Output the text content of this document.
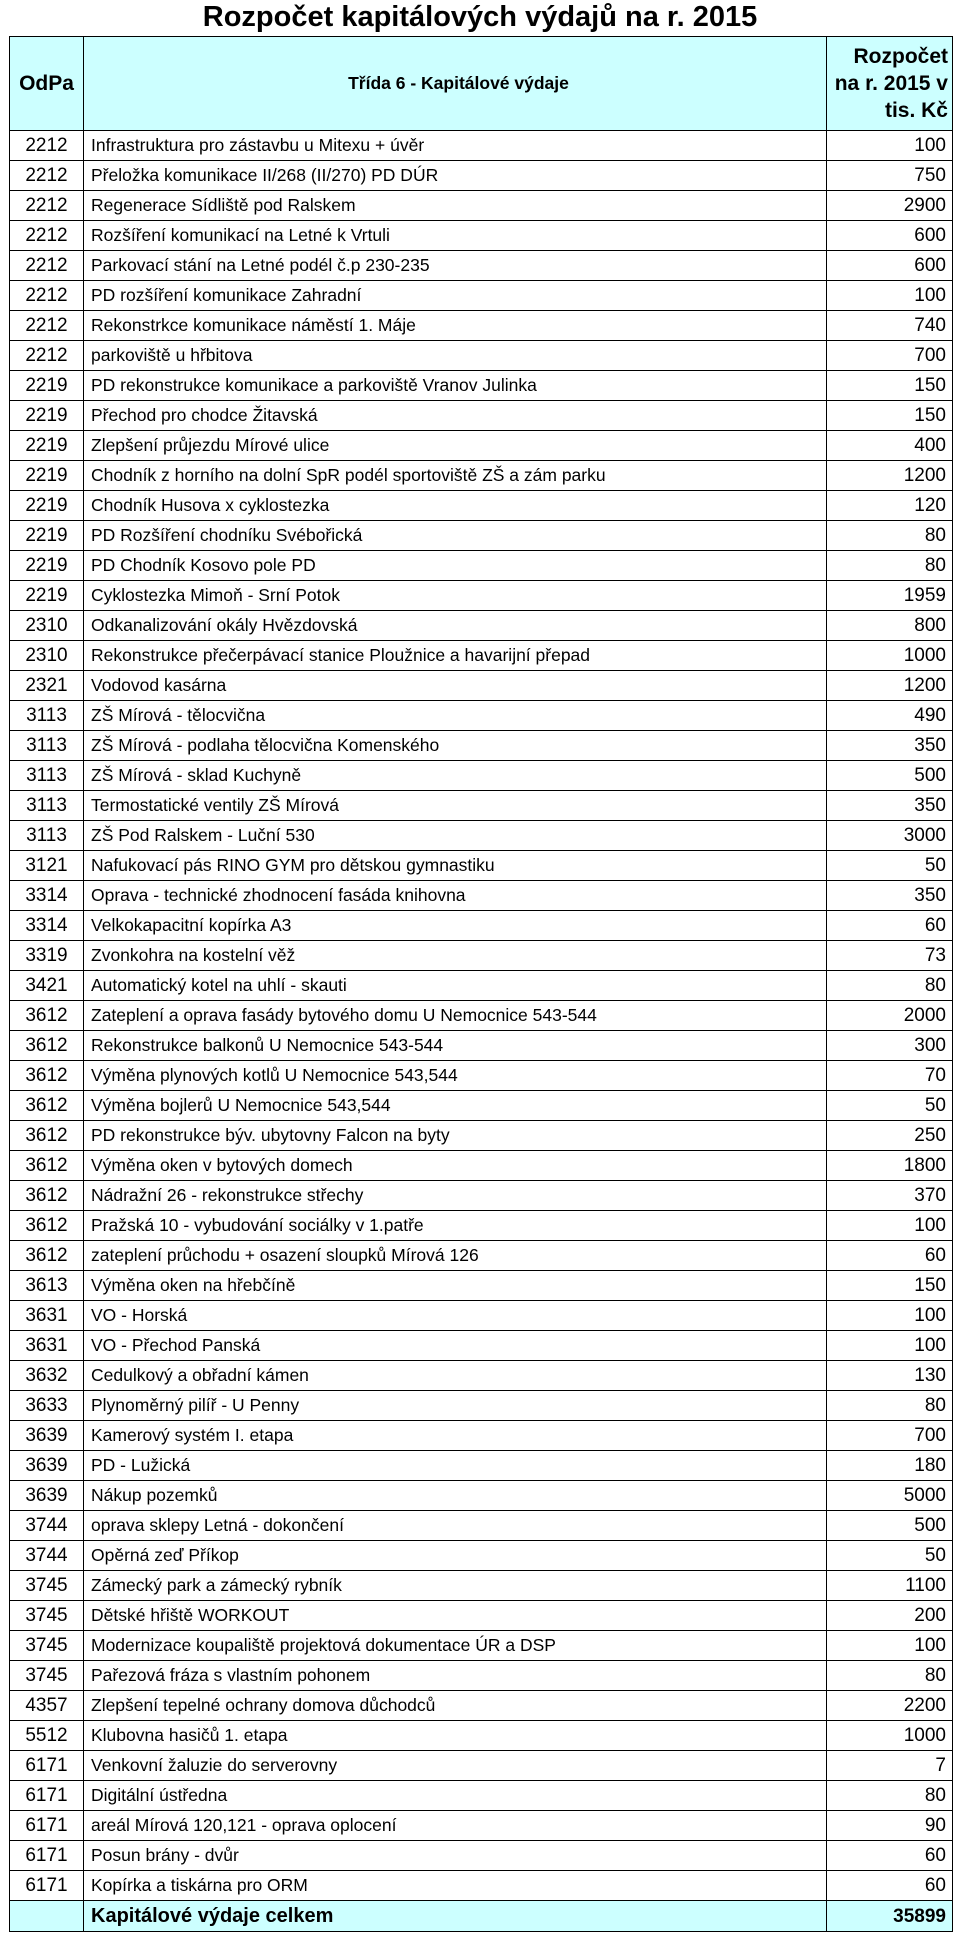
Rozpočet kapitálových výdajů na r. 2015
OdPa	Třída 6 - Kapitálové výdaje	Rozpočet na r. 2015 v tis. Kč
2212	Infrastruktura pro zástavbu u Mitexu + úvěr	100
2212	Přeložka komunikace II/268 (II/270) PD DÚR	750
2212	Regenerace Sídliště pod Ralskem	2900
2212	Rozšíření komunikací na Letné k Vrtuli	600
2212	Parkovací stání na Letné podél č.p 230-235	600
2212	PD rozšíření komunikace Zahradní	100
2212	Rekonstrkce komunikace náměstí 1. Máje	740
2212	parkoviště u hřbitova	700
2219	PD rekonstrukce komunikace a parkoviště Vranov Julinka	150
2219	Přechod pro chodce Žitavská	150
2219	Zlepšení průjezdu Mírové ulice	400
2219	Chodník z horního na dolní SpR podél sportoviště ZŠ a zám parku	1200
2219	Chodník Husova x cyklostezka	120
2219	PD Rozšíření chodníku Svébořická	80
2219	PD Chodník Kosovo pole PD	80
2219	Cyklostezka Mimoň - Srní Potok	1959
2310	Odkanalizování okály Hvězdovská	800
2310	Rekonstrukce přečerpávací stanice Ploužnice a havarijní přepad	1000
2321	Vodovod kasárna	1200
3113	ZŠ Mírová - tělocvična	490
3113	ZŠ Mírová - podlaha tělocvična Komenského	350
3113	ZŠ Mírová - sklad Kuchyně	500
3113	Termostatické ventily ZŠ Mírová	350
3113	ZŠ Pod Ralskem - Luční 530	3000
3121	Nafukovací pás RINO GYM pro dětskou gymnastiku	50
3314	Oprava - technické zhodnocení fasáda knihovna	350
3314	Velkokapacitní kopírka A3	60
3319	Zvonkohra na kostelní věž	73
3421	Automatický kotel na uhlí - skauti	80
3612	Zateplení a oprava fasády bytového domu U Nemocnice 543-544	2000
3612	Rekonstrukce balkonů U Nemocnice 543-544	300
3612	Výměna plynových kotlů U Nemocnice 543,544	70
3612	Výměna bojlerů U Nemocnice 543,544	50
3612	PD rekonstrukce býv. ubytovny Falcon na byty	250
3612	Výměna oken v bytových domech	1800
3612	Nádražní 26 - rekonstrukce střechy	370
3612	Pražská 10 - vybudování sociálky v 1.patře	100
3612	zateplení průchodu + osazení sloupků Mírová 126	60
3613	Výměna oken na hřebčíně	150
3631	VO - Horská	100
3631	VO - Přechod Panská	100
3632	Cedulkový a obřadní kámen	130
3633	Plynoměrný pilíř - U Penny	80
3639	Kamerový systém I. etapa	700
3639	PD - Lužická	180
3639	Nákup pozemků	5000
3744	oprava sklepy Letná - dokončení	500
3744	Opěrná zeď Příkop	50
3745	Zámecký park a zámecký rybník	1100
3745	Dětské hřiště WORKOUT	200
3745	Modernizace koupaliště projektová dokumentace ÚR a DSP	100
3745	Pařezová fráza s vlastním pohonem	80
4357	Zlepšení tepelné ochrany domova důchodců	2200
5512	Klubovna hasičů 1. etapa	1000
6171	Venkovní žaluzie do serverovny	7
6171	Digitální ústředna	80
6171	areál Mírová 120,121 - oprava oplocení	90
6171	Posun brány - dvůr	60
6171	Kopírka a tiskárna pro ORM	60
	Kapitálové výdaje celkem	35899
